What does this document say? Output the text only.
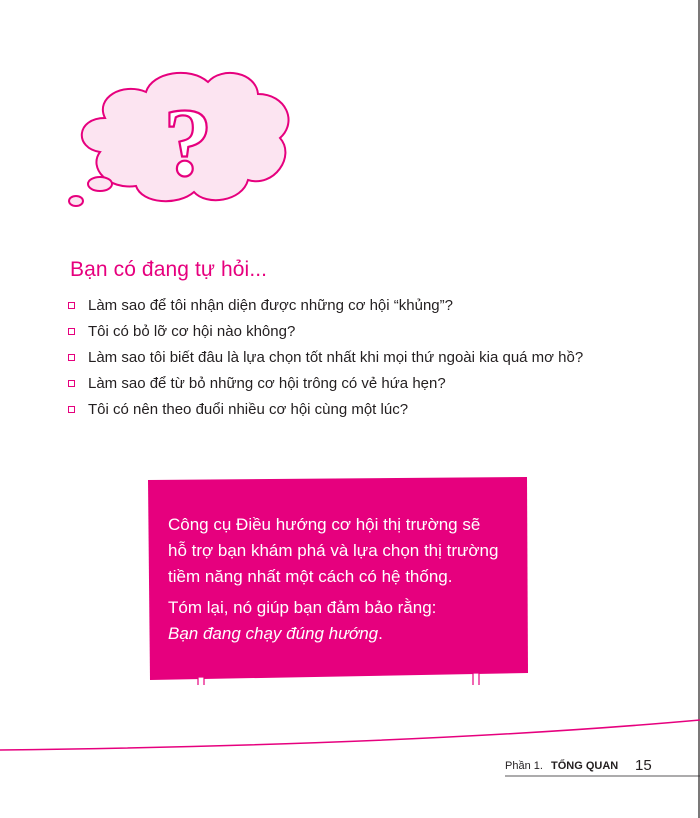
?
Bạn có đang tự hỏi...
Làm sao để tôi nhận diện được những cơ hội “khủng”?
Tôi có bỏ lỡ cơ hội nào không?
Làm sao tôi biết đâu là lựa chọn tốt nhất khi mọi thứ ngoài kia quá mơ hồ?
Làm sao để từ bỏ những cơ hội trông có vẻ hứa hẹn?
Tôi có nên theo đuổi nhiều cơ hội cùng một lúc?

Công cụ Điều hướng cơ hội thị trường sẽ

hỗ trợ bạn khám phá và lựa chọn thị trường

tiềm năng nhất một cách có hệ thống.

Tóm lại, nó giúp bạn đảm bảo rằng:

Bạn đang chạy đúng hướng.

Phần 1. TỔNG QUAN 15
